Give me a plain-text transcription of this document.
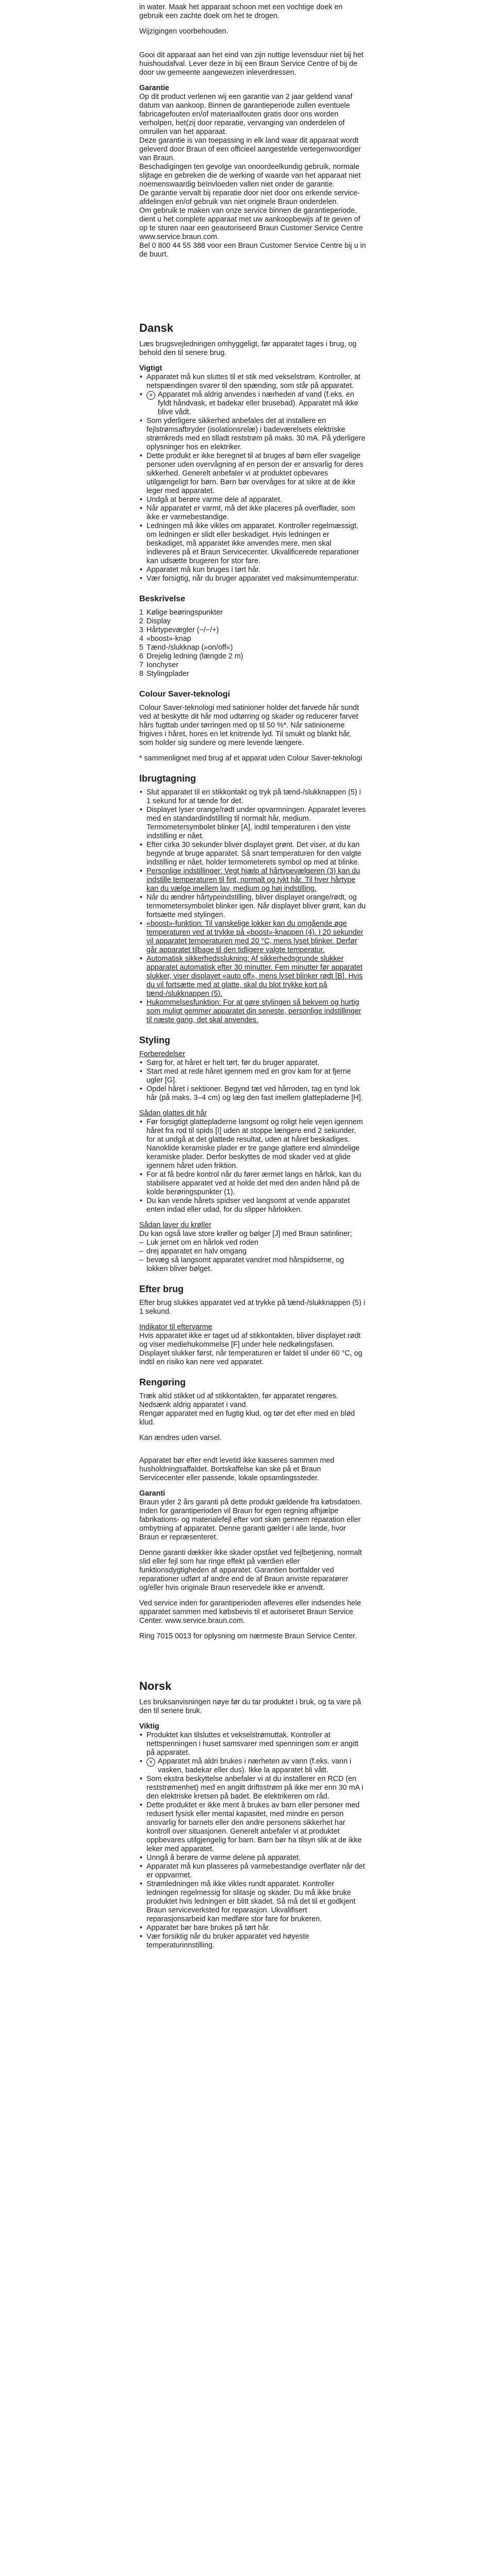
in water. Maak het apparaat schoon met een vochtige doek en gebruik een zachte doek om het te drogen.

Wijzigingen voorbehouden.

Gooi dit apparaat aan het eind van zijn nuttige levensduur niet bij het huishoudafval. Lever deze in bij een Braun Service Centre of bij de door uw gemeente aangewezen inleverdressen.

Garantie

Op dit product verlenen wij een garantie van 2 jaar geldend vanaf datum van aankoop. Binnen de garantieperiode zullen eventuele fabricagefouten en/of materiaalfouten gratis door ons worden verholpen, het(zij door reparatie, vervanging van onderdelen of omruilen van het apparaat.

Deze garantie is van toepassing in elk land waar dit apparaat wordt geleverd door Braun of een officieel aangestelde vertegenwoordiger van Braun.

Beschadigingen ten gevolge van onoordeelkundig gebruik, normale slijtage en gebreken die de werking of waarde van het apparaat niet noemenswaardig beïnvloeden vallen niet onder de garantie.

De garantie vervalt bij reparatie door niet door ons erkende service-afdelingen en/of gebruik van niet originele Braun onderdelen.

Om gebruik te maken van onze service binnen de garantieperiode, dient u het complete apparaat met uw aankoopbewijs af te geven of op te sturen naar een geautoriseerd Braun Customer Service Centre www.service.braun.com.

Bel 0 800 44 55 388 voor een Braun Customer Service Centre bij u in de buurt.

Dansk

Læs brugsvejledningen omhyggeligt, før apparatet tages i brug, og behold den til senere brug.

Vigtigt
• Apparatet må kun sluttes til et stik med vekselstrøm. Kontroller, at netspændingen svarer til den spænding, som står på apparatet.
• ✕ Apparatet må aldrig anvendes i nærheden af vand (f.eks. en fyldt håndvask, et badekar eller brusebad). Apparatet må ikke blive vådt.
• Som yderligere sikkerhed anbefales det at installere en fejlstrømsafbryder (isolationsrelæ) i badeværelsets elektriske strømkreds med en tilladt reststrøm på maks. 30 mA. På yderligere oplysninger hos en elektriker.
• Dette produkt er ikke beregnet til at bruges af børn eller svagelige personer uden overvågning af en person der er ansvarlig for deres sikkerhed. Generelt anbefaler vi at produktet opbevares utilgængeligt for børn. Børn bør overvåges for at sikre at de ikke leger med apparatet.
• Undgå at berøre varme dele af apparatet.
• Når apparatet er varmt, må det ikke placeres på overflader, som ikke er varmebestandige.
• Ledningen må ikke vikles om apparatet. Kontroller regelmæssigt, om ledningen er slidt eller beskadiget. Hvis ledningen er beskadiget, må apparatet ikke anvendes mere, men skal indleveres på et Braun Servicecenter. Ukvalificerede reparationer kan udsætte brugeren for stor fare.
• Apparatet må kun bruges i tørt hår.
• Vær forsigtig, når du bruger apparatet ved maksimumtemperatur.
Beskrivelse
1 Kølige beøringspunkter
2 Display
3 Hårtypevægler (−/−/+)
4 «boost»-knap
5 Tænd-/slukknap (»on/off«)
6 Drejelig ledning (længde 2 m)
7 Ionchyser
8 Stylingplader
Colour Saver-teknologi

Colour Saver-teknologi med satinioner holder det farvede hår sundt ved at beskytte dit hår mod udtørring og skader og reducerer farvet hårs fugttab under tørringen med op til 50 %*. Når satinionerne frigives i håret, hores en let knitrende lyd. Til smukt og blankt hår, som holder sig sundere og mere levende længere.

* sammenlignet med brug af et apparat uden Colour Saver-teknologi

Ibrugtagning
• Slut apparatet til en stikkontakt og tryk på tænd-/slukknappen (5) i 1 sekund for at tænde for det.
• Displayet lyser orange/rødt under opvarmningen. Apparatet leveres med en standardindstilling til normalt hår, medium. Termometersymbolet blinker [A], indtil temperaturen i den viste indstilling er nået.
• Efter cirka 30 sekunder bliver displayet grønt. Det viser, at du kan begynde at bruge apparatet. Så snart temperaturen for den valgte indstilling er nået, holder termometerets symbol op med at blinke.
• Personlige indstillinger: Vegt hjælp af hårtypevælgeren (3) kan du indstille temperaturen til fint, normalt og tykt hår. Til hver hårtype kan du vælge imellem lav, medium og høj indstilling.
• Når du ændrer hårtypeindstilling, bliver displayet orange/rødt, og termometersymbolet blinker igen. Når displayet bliver grønt, kan du fortsætte med stylingen.
• «boost»-funktion: Til vanskelige lokker kan du omgående øge temperaturen ved at trykke på «boost»-knappen (4). I 20 sekunder vil apparatet temperaturen med 20 °C, mens lyset blinker. Derfør går apparatet tilbage til den tidligere valgte temperatur.
• Automatisk sikkerhedsslukning: Af sikkerhedsgrunde slukker apparatet automatisk efter 30 minutter. Fem minutter før apparatet slukker, viser displayet «auto off», mens lyset blinker rødt [B]. Hvis du vil fortsætte med at glatte, skal du blot trykke kort på tænd-/slukknappen (5).
• Hukommelsesfunktion: For at gøre stylingen så bekvem og hurtig som muligt gemmer apparatet din seneste, personlige indstillinger til næste gang, det skal anvendes.
Styling
Forberedelser
• Sørg for, at håret er helt tørt, før du bruger apparatet.
• Start med at rede håret igennem med en grov kam for at fjerne ugler [G].
• Opdel håret i sektioner. Begynd tæt ved hårroden, tag en tynd lok hår (på maks. 3–4 cm) og læg den fast imellem glattepladerne [H].
Sådan glattes dit hår
• Før forsigtigt glattepladerne langsomt og roligt hele vejen igennem håret fra rod til spids [I] uden at stoppe længere end 2 sekunder, for at undgå at det glattede resultat, uden at håret beskadiges. Nanoklide keramiske plader er tre gange glattere end almindelige keramiske plader. Derfor beskyttes de mod skader ved at glide igennem håret uden friktion.
• For at få bedre kontrol når du fører ærmet langs en hårlok, kan du stabilisere apparatet ved at holde det med den anden hånd på de kolde berøringspunkter (1).
• Du kan vende hårets spidser ved langsomt at vende apparatet enten indad eller udad, for du slipper hårlokken.
Sådan laver du krøller

Du kan også lave store krøller og bølger [J] med Braun satinliner;

– Luk jernet om en hårlok ved roden
– drej apparatet en halv omgang
– bevæg så langsomt apparatet vandret mod hårspidserne, og lokken bliver bølget.
Efter brug

Efter brug slukkes apparatet ved at trykke på tænd-/slukknappen (5) i 1 sekund.

Indikator til eftervarme

Hvis apparatet ikke er taget ud af stikkontakten, bliver displayet rødt og viser mediehukommelse [F] under hele nedkølingsfasen. Displayet slukker først, når temperaturen er faldet til under 60 °C, og indtil en risiko kan nere ved apparatet.

Rengøring

Træk altid stikket ud af stikkontakten, før apparatet rengøres. Nedsænk aldrig apparatet i vand.

Rengør apparatet med en fugtig klud, og tør det efter med en blød klud.

Kan ændres uden varsel.

Apparatet bør efter endt levetid ikke kasseres sammen med husholdningsaffaldet. Bortskaffelse kan ske på et Braun Servicecenter eller passende, lokale opsamlingssteder.

Garanti

Braun yder 2 års garanti på dette produkt gældende fra købsdatoen. Inden for garantiperioden vil Braun for egen regning afhjælpe fabrikations- og materialefejl efter vort skøn gennem reparation eller ombytning af apparatet. Denne garanti gælder i alle lande, hvor Braun er repræsenteret.

Denne garanti dækker ikke skader opstået ved fejlbetjening, normalt slid eller fejl som har ringe effekt på værdien eller funktionsdygtigheden af apparatet. Garantien bortfalder ved reparationer udført af andre end de af Braun anviste reparatører og/eller hvis originale Braun reservedele ikke er anvendt.

Ved service inden for garantiperioden afleveres eller indsendes hele apparatet sammen med købsbevis til et autoriseret Braun Service Center. www.service.braun.com.

Ring 7015 0013 for oplysning om nærmeste Braun Service Center.

Norsk

Les bruksanvisningen nøye før du tar produktet i bruk, og ta vare på den til senere bruk.

Viktig
• Produktet kan tilsluttes et vekselstrømuttak. Kontroller at nettspenningen i huset samsvarer med spenningen som er angitt på apparatet.
• ✕ Apparatet må aldri brukes i nærheten av vann (f.eks. vann i vasken, badekar eller dus). Ikke la apparatet bli vått.
• Som ekstra beskyttelse anbefaler vi at du installerer en RCD (en reststrømenhet) med en angitt driftsstrøm på ikke mer enn 30 mA i den elektriske kretsen på badet. Be elektrikeren om råd.
• Dette produktet er ikke ment å brukes av barn eller personer med redusert fysisk eller mental kapasitet, med mindre en person ansvarlig for barnets eller den andre personens sikkerhet har kontroll over situasjonen. Generelt anbefaler vi at produktet oppbevares utilgjengelig for barn. Barn bør ha tilsyn slik at de ikke leker med apparatet.
• Unngå å berøre de varme delene på apparatet.
• Apparatet må kun plasseres på varmebestandige overflater når det er oppvarmet.
• Strømledningen må ikke vikles rundt apparatet. Kontroller ledningen regelmessig for slitasje og skader. Du må ikke bruke produktet hvis ledningen er blitt skadet. Så må det til et godkjent Braun serviceverksted for reparasjon. Ukvalifisert reparasjonsarbeid kan medføre stor fare for brukeren.
• Apparatet bør bare brukes på tørt hår.
• Vær forsiktig når du bruker apparatet ved høyeste temperaturinnstilling.
